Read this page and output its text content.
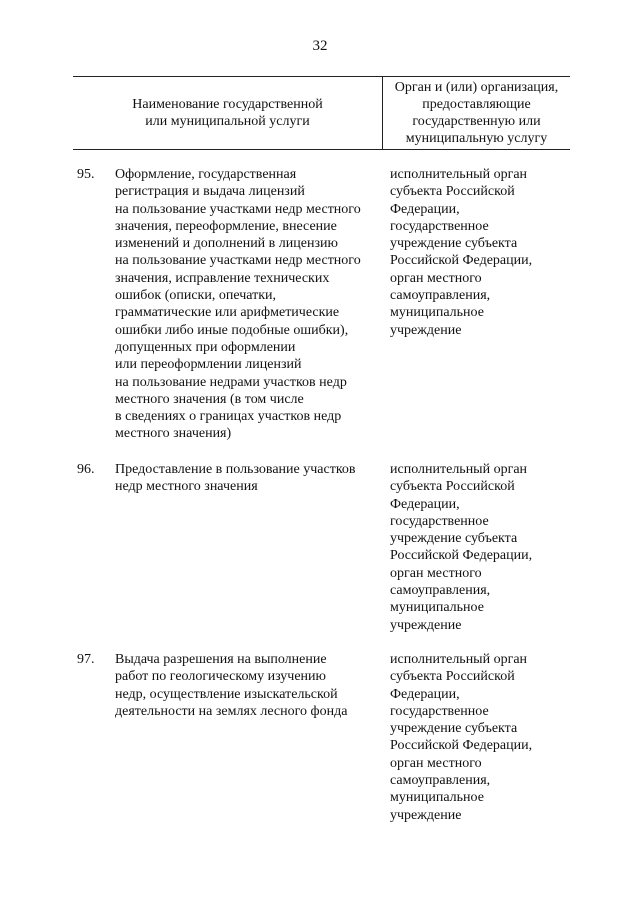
32
Наименование государственной
или муниципальной услуги
Орган и (или) организация,
предоставляющие
государственную или
муниципальную услугу
95. Оформление, государственная
регистрация и выдача лицензий
на пользование участками недр местного
значения, переоформление, внесение
изменений и дополнений в лицензию
на пользование участками недр местного
значения, исправление технических
ошибок (описки, опечатки,
грамматические или арифметические
ошибки либо иные подобные ошибки),
допущенных при оформлении
или переоформлении лицензий
на пользование недрами участков недр
местного значения (в том числе
в сведениях о границах участков недр
местного значения)
исполнительный орган
субъекта Российской
Федерации,
государственное
учреждение субъекта
Российской Федерации,
орган местного
самоуправления,
муниципальное
учреждение
96. Предоставление в пользование участков
недр местного значения
исполнительный орган
субъекта Российской
Федерации,
государственное
учреждение субъекта
Российской Федерации,
орган местного
самоуправления,
муниципальное
учреждение
97. Выдача разрешения на выполнение
работ по геологическому изучению
недр, осуществление изыскательской
деятельности на землях лесного фонда
исполнительный орган
субъекта Российской
Федерации,
государственное
учреждение субъекта
Российской Федерации,
орган местного
самоуправления,
муниципальное
учреждение
